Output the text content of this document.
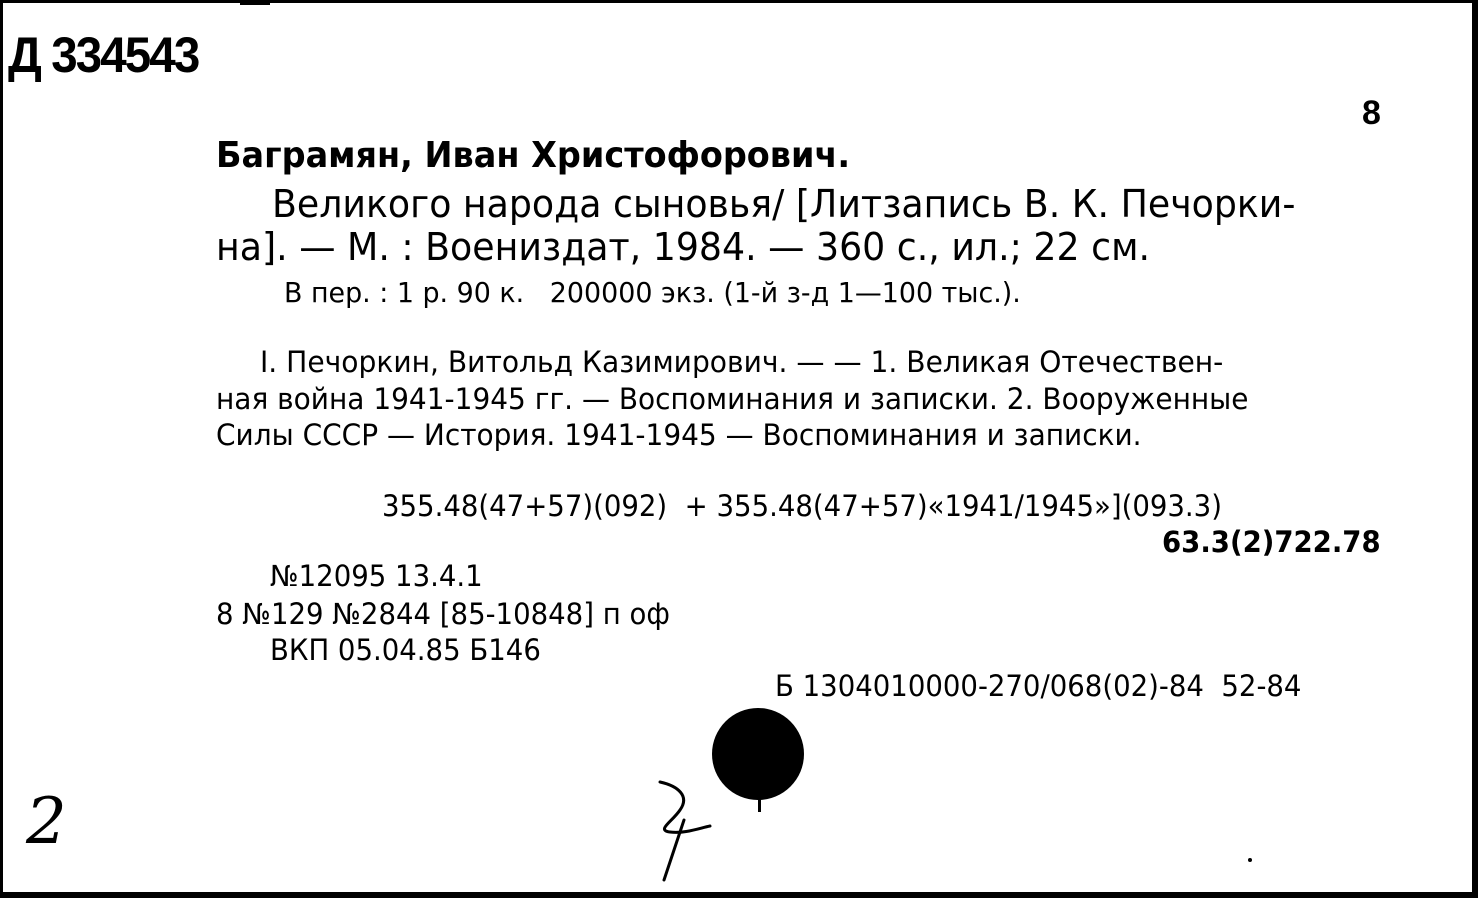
Д 334543
8
Баграмян, Иван Христофорович.
Великого народа сыновья/ [Литзапись В. К. Печорки-
на]. — М. : Воениздат, 1984. — 360 с., ил.; 22 см.
В пер. : 1 р. 90 к.   200000 экз. (1-й з-д 1—100 тыс.).
I. Печоркин, Витольд Казимирович. — — 1. Великая Отечествен-
ная война 1941-1945 гг. — Воспоминания и записки. 2. Вооруженные
Силы СССР — История. 1941-1945 — Воспоминания и записки.
355.48(47+57)(092)  + 355.48(47+57)«1941/1945»](093.3)
63.3(2)722.78
№12095 13.4.1
8 №129 №2844 [85-10848] п оф
ВКП 05.04.85 Б146
Б 1304010000-270/068(02)-84  52-84
2
